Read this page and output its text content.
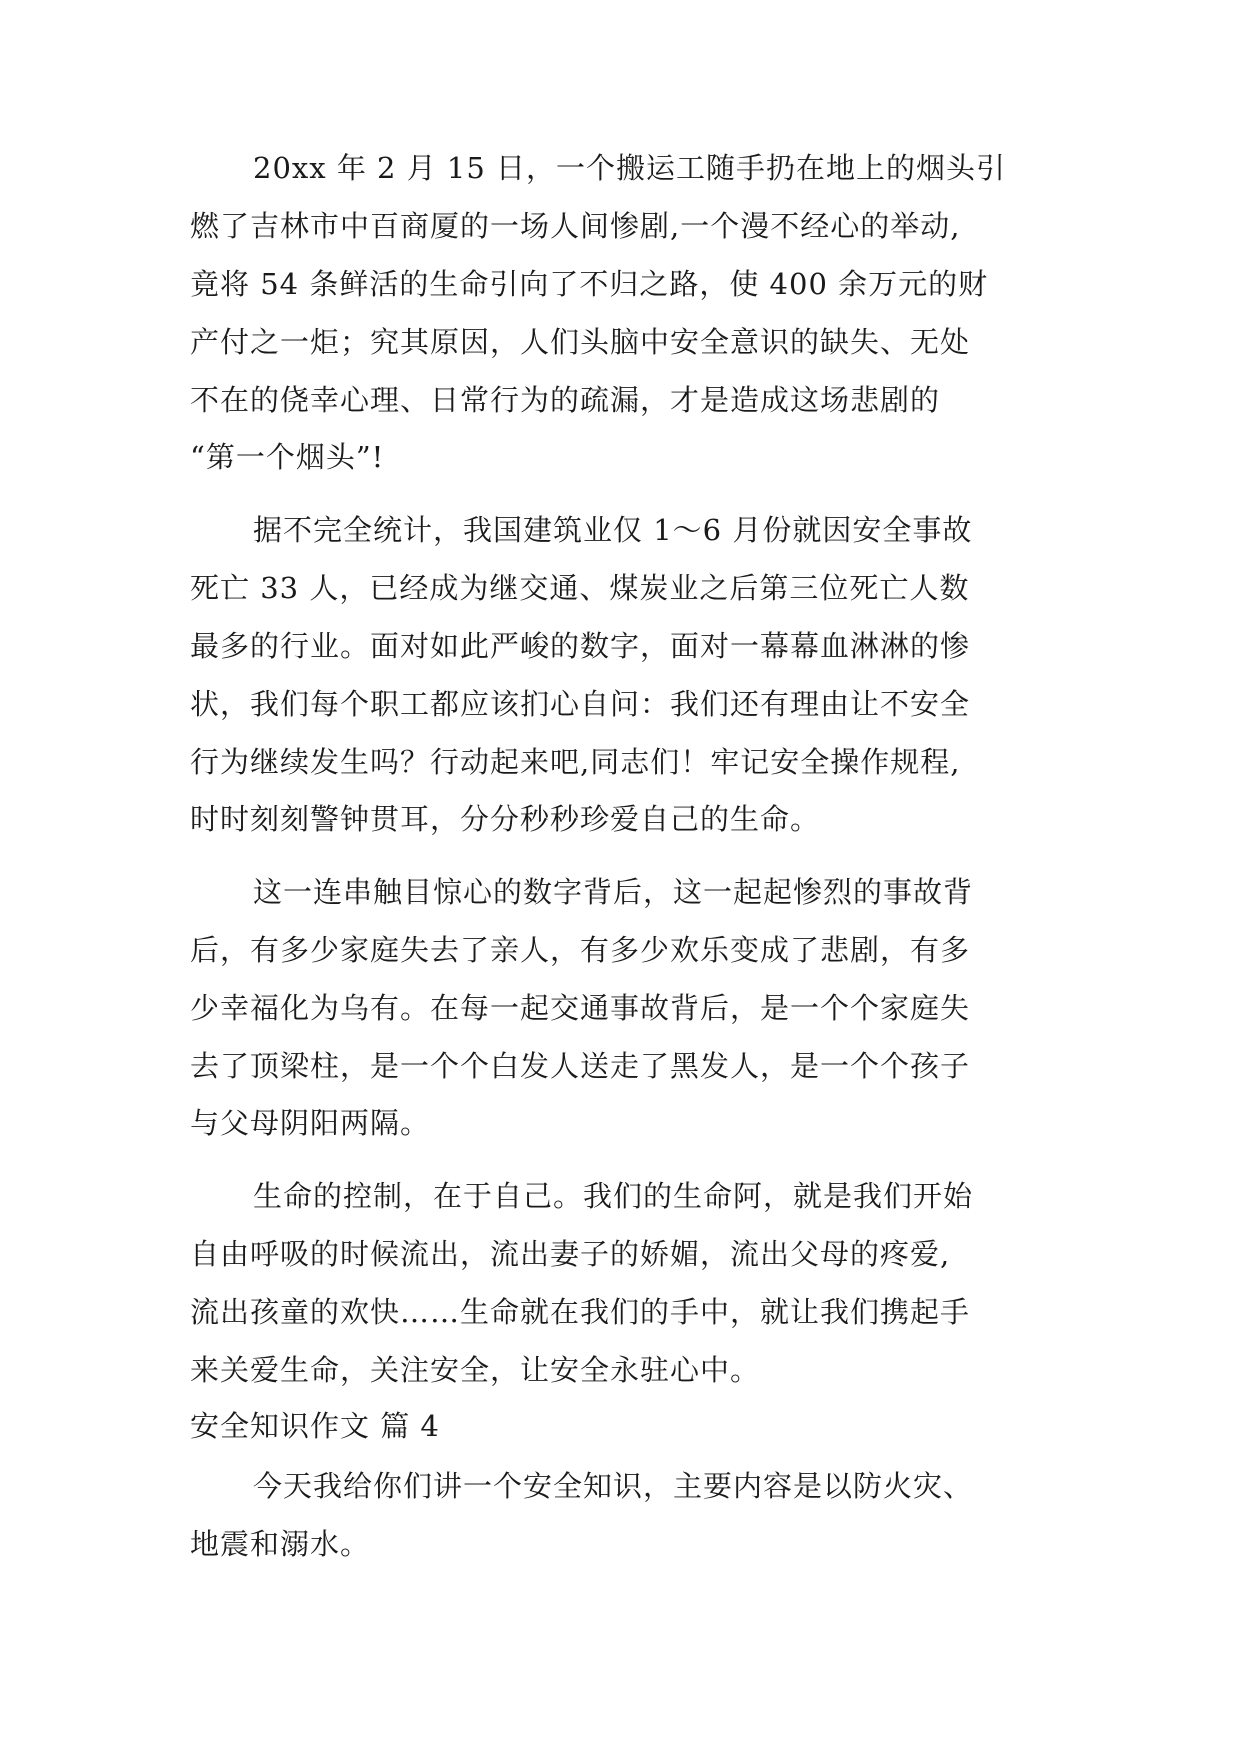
20xx 年 2 月 15 日，一个搬运工随手扔在地上的烟头引
燃了吉林市中百商厦的一场人间惨剧,一个漫不经心的举动,
竟将 54 条鲜活的生命引向了不归之路，使 400 余万元的财
产付之一炬；究其原因，人们头脑中安全意识的缺失、无处
不在的侥幸心理、日常行为的疏漏，才是造成这场悲剧的
“第一个烟头”!
据不完全统计，我国建筑业仅 1～6 月份就因安全事故
死亡 33 人，已经成为继交通、煤炭业之后第三位死亡人数
最多的行业。面对如此严峻的数字，面对一幕幕血淋淋的惨
状，我们每个职工都应该扪心自问：我们还有理由让不安全
行为继续发生吗？行动起来吧,同志们！牢记安全操作规程,
时时刻刻警钟贯耳，分分秒秒珍爱自己的生命。
这一连串触目惊心的数字背后，这一起起惨烈的事故背
后，有多少家庭失去了亲人，有多少欢乐变成了悲剧，有多
少幸福化为乌有。在每一起交通事故背后，是一个个家庭失
去了顶梁柱，是一个个白发人送走了黑发人，是一个个孩子
与父母阴阳两隔。
生命的控制，在于自己。我们的生命阿，就是我们开始
自由呼吸的时候流出，流出妻子的娇媚，流出父母的疼爱,
流出孩童的欢快……生命就在我们的手中，就让我们携起手
来关爱生命，关注安全，让安全永驻心中。
安全知识作文 篇 4
今天我给你们讲一个安全知识，主要内容是以防火灾、
地震和溺水。
